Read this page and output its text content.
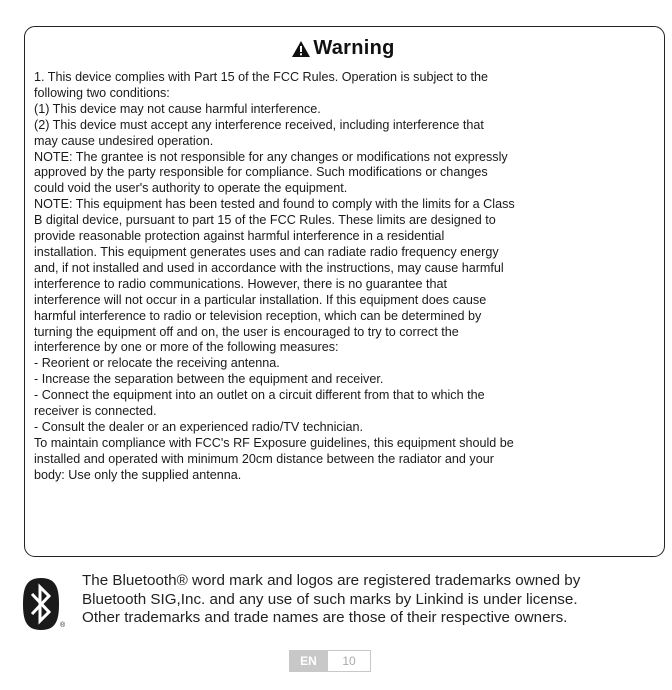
Warning

1. This device complies with Part 15 of the FCC Rules. Operation is subject to the
following two conditions:
(1) This device may not cause harmful interference.
(2) This device must accept any interference received, including interference that
may cause undesired operation.
NOTE: The grantee is not responsible for any changes or modifications not expressly
approved by the party responsible for compliance. Such modifications or changes
could void the user's authority to operate the equipment.
NOTE: This equipment has been tested and found to comply with the limits for a Class
B digital device, pursuant to part 15 of the FCC Rules. These limits are designed to
provide reasonable protection against harmful interference in a residential
installation. This equipment generates uses and can radiate radio frequency energy
and, if not installed and used in accordance with the instructions, may cause harmful
interference to radio communications. However, there is no guarantee that
interference will not occur in a particular installation. If this equipment does cause
harmful interference to radio or television reception, which can be determined by
turning the equipment off and on, the user is encouraged to try to correct the
interference by one or more of the following measures:
- Reorient or relocate the receiving antenna.
- Increase the separation between the equipment and receiver.
- Connect the equipment into an outlet on a circuit different from that to which the
receiver is connected.
- Consult the dealer or an experienced radio/TV technician.
To maintain compliance with FCC's RF Exposure guidelines, this equipment should be
installed and operated with minimum 20cm distance between the radiator and your
body: Use only the supplied antenna.

®
The Bluetooth® word mark and logos are registered trademarks owned by
Bluetooth SIG,Inc. and any use of such marks by Linkind is under license.
Other trademarks and trade names are those of their respective owners.
EN	10
